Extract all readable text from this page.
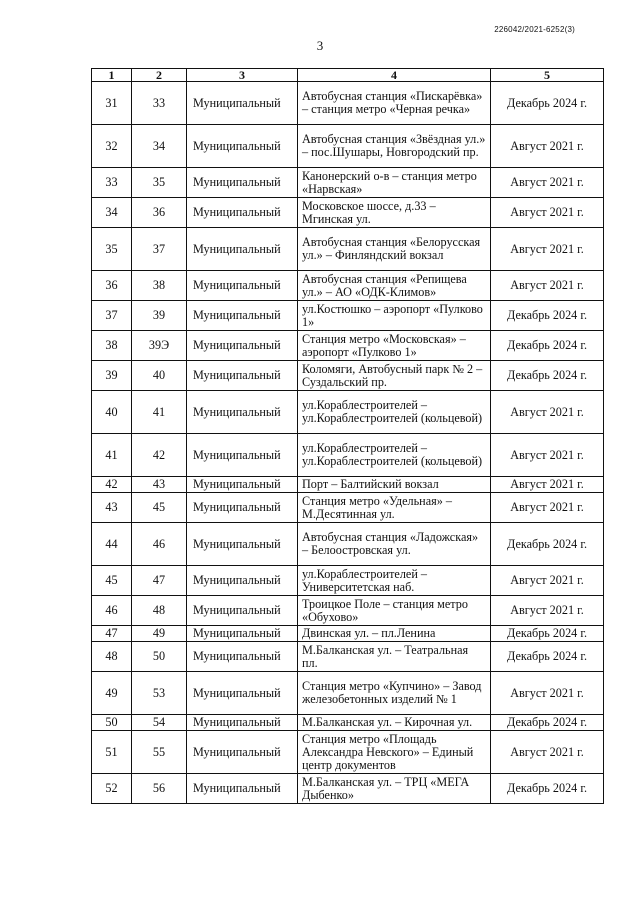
226042/2021-6252(3)
3
1	2	3	4	5
31	33	Муниципальный	Автобусная станция «Пискарёвка» – станция метро «Черная речка»	Декабрь 2024 г.
32	34	Муниципальный	Автобусная станция «Звёздная ул.» – пос.Шушары, Новгородский пр.	Август 2021 г.
33	35	Муниципальный	Канонерский о-в – станция метро «Нарвская»	Август 2021 г.
34	36	Муниципальный	Московское шоссе, д.33 – Мгинская ул.	Август 2021 г.
35	37	Муниципальный	Автобусная станция «Белорусская ул.» – Финляндский вокзал	Август 2021 г.
36	38	Муниципальный	Автобусная станция «Репищева ул.» – АО «ОДК-Климов»	Август 2021 г.
37	39	Муниципальный	ул.Костюшко – аэропорт «Пулково 1»	Декабрь 2024 г.
38	39Э	Муниципальный	Станция метро «Московская» – аэропорт «Пулково 1»	Декабрь 2024 г.
39	40	Муниципальный	Коломяги, Автобусный парк № 2 – Суздальский пр.	Декабрь 2024 г.
40	41	Муниципальный	ул.Кораблестроителей – ул.Кораблестроителей (кольцевой)	Август 2021 г.
41	42	Муниципальный	ул.Кораблестроителей – ул.Кораблестроителей (кольцевой)	Август 2021 г.
42	43	Муниципальный	Порт – Балтийский вокзал	Август 2021 г.
43	45	Муниципальный	Станция метро «Удельная» – М.Десятинная ул.	Август 2021 г.
44	46	Муниципальный	Автобусная станция «Ладожская» – Белоостровская ул.	Декабрь 2024 г.
45	47	Муниципальный	ул.Кораблестроителей – Университетская наб.	Август 2021 г.
46	48	Муниципальный	Троицкое Поле – станция метро «Обухово»	Август 2021 г.
47	49	Муниципальный	Двинская ул. – пл.Ленина	Декабрь 2024 г.
48	50	Муниципальный	М.Балканская ул. – Театральная пл.	Декабрь 2024 г.
49	53	Муниципальный	Станция метро «Купчино» – Завод железобетонных изделий № 1	Август 2021 г.
50	54	Муниципальный	М.Балканская ул. – Кирочная ул.	Декабрь 2024 г.
51	55	Муниципальный	Станция метро «Площадь Александра Невского» – Единый центр документов	Август 2021 г.
52	56	Муниципальный	М.Балканская ул. – ТРЦ «МЕГА Дыбенко»	Декабрь 2024 г.
